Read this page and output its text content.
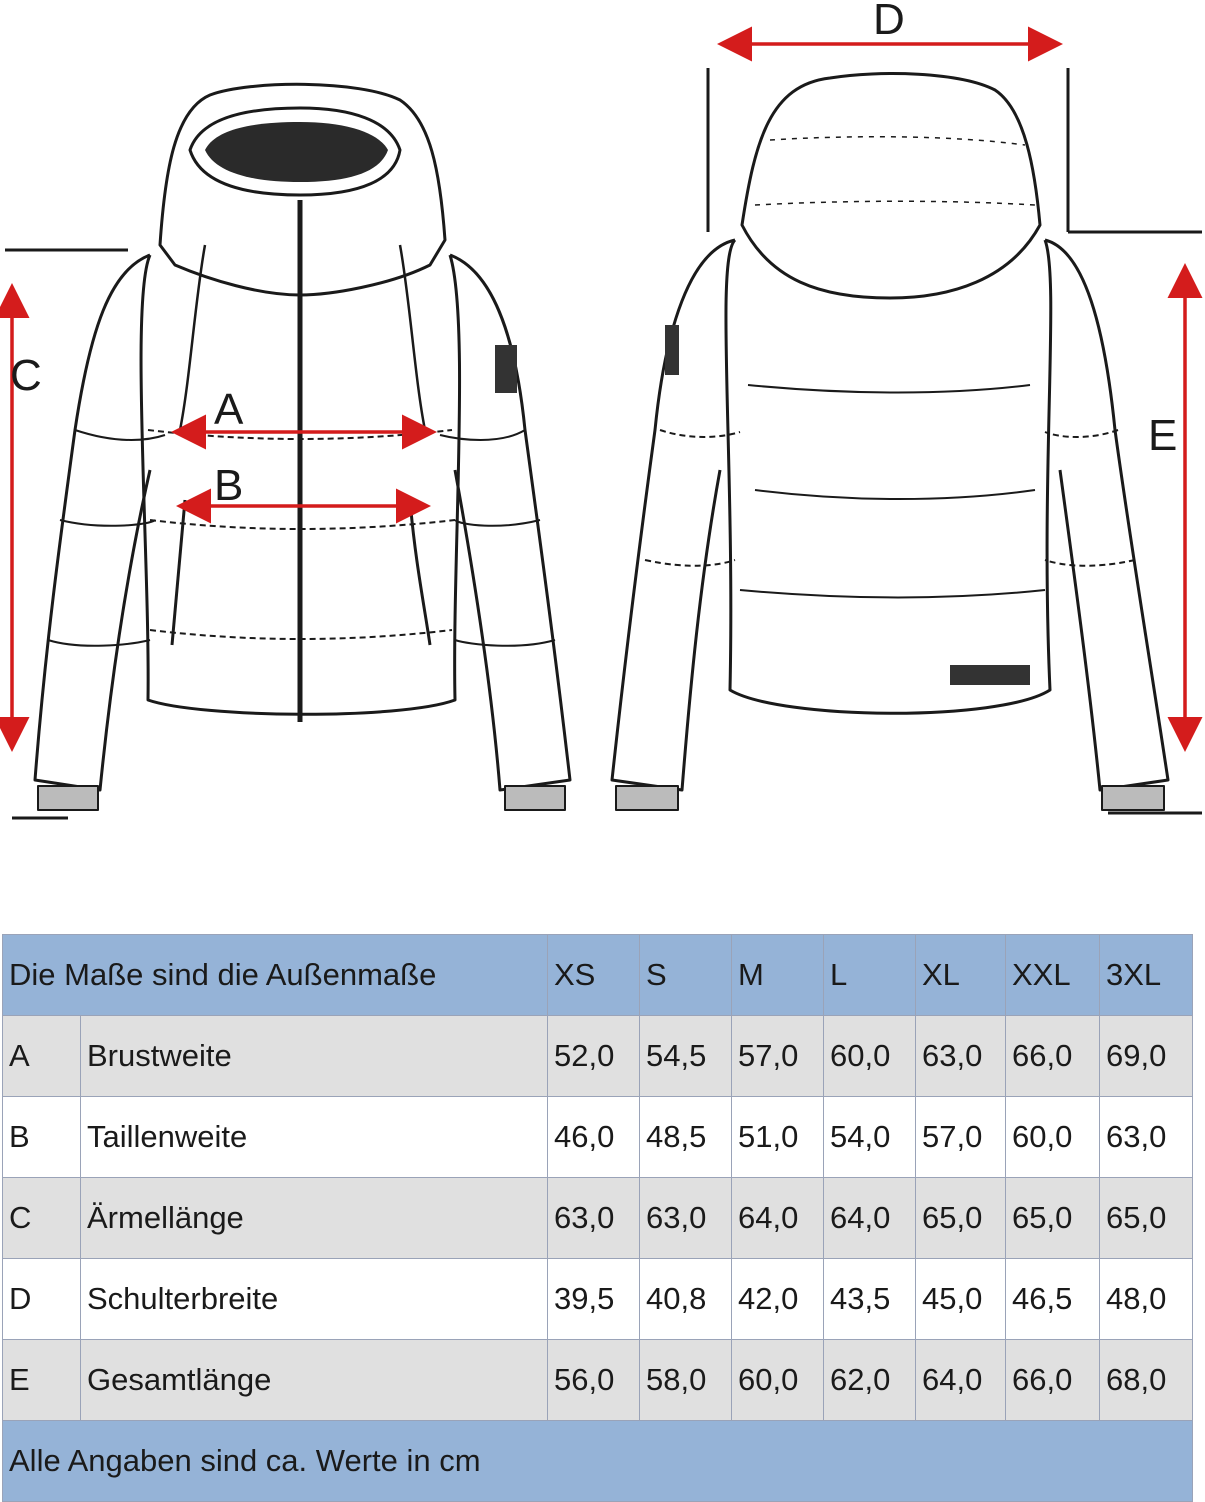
A
B
C
D
E
Die Maße sind die Außenmaße		XS	S	M	L	XL	XXL	3XL
A	Brustweite	52,0	54,5	57,0	60,0	63,0	66,0	69,0
B	Taillenweite	46,0	48,5	51,0	54,0	57,0	60,0	63,0
C	Ärmellänge	63,0	63,0	64,0	64,0	65,0	65,0	65,0
D	Schulterbreite	39,5	40,8	42,0	43,5	45,0	46,5	48,0
E	Gesamtlänge	56,0	58,0	60,0	62,0	64,0	66,0	68,0
Alle Angaben sind ca. Werte in cm								
